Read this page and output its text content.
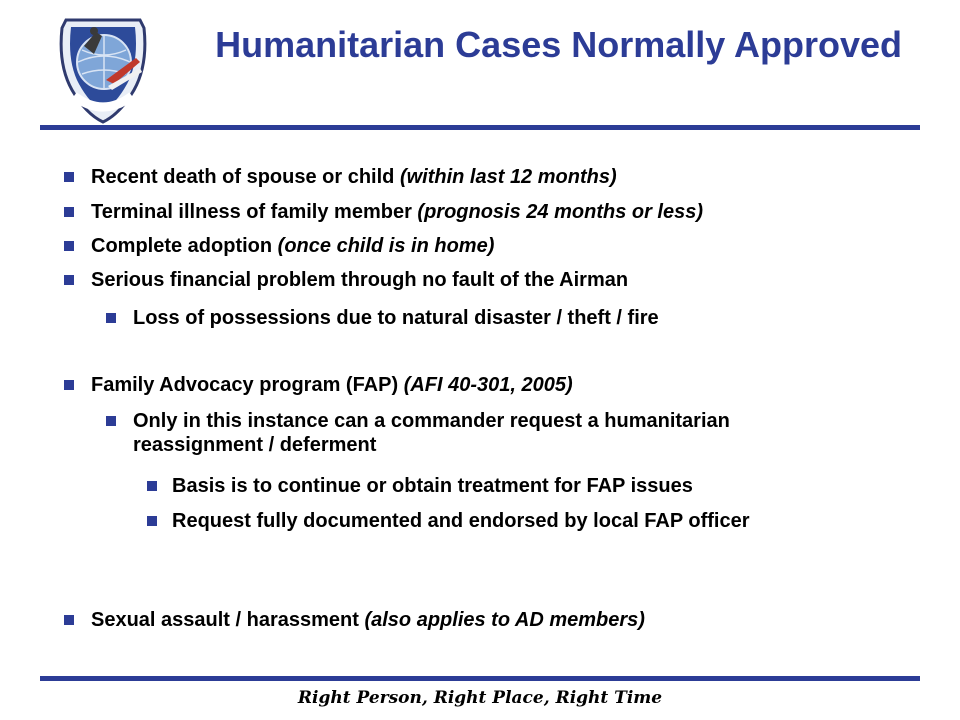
Humanitarian Cases Normally Approved
Recent death of spouse or child (within last 12 months)
Terminal illness of family member (prognosis 24 months or less)
Complete adoption (once child is in home)
Serious financial problem through no fault of the Airman
Loss of possessions due to natural disaster / theft / fire
Family Advocacy program (FAP) (AFI 40-301, 2005)
Only in this instance can a commander request a humanitarian reassignment / deferment
Basis is to continue or obtain treatment for FAP issues
Request fully documented and endorsed by local FAP officer
Sexual assault / harassment (also applies to AD members)
Right Person, Right Place, Right Time
